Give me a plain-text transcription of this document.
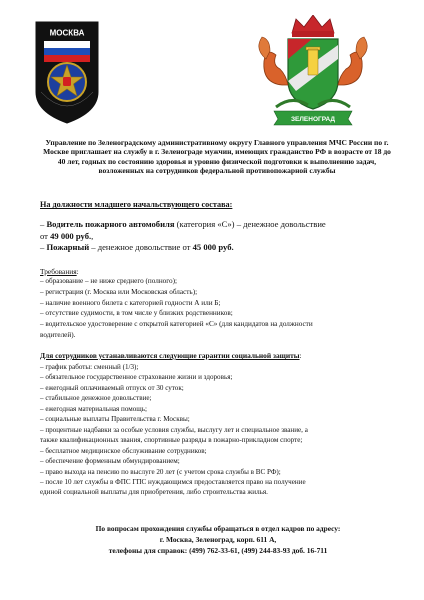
МОСКВА
ЗЕЛЕНОГРАД
Управление по Зеленоградскому административному округу Главного управления МЧС России по г. Москве приглашает на службу в г. Зеленограде мужчин, имеющих гражданство РФ в возрасте от 18 до 40 лет, годных по состоянию здоровья и уровню физической подготовки к выполнению задач, возложенных на сотрудников федеральной противопожарной службы
На должности младшего начальствующего состава:
– Водитель пожарного автомобиля (категория «С») – денежное довольствие
от 49 000 руб.,
– Пожарный – денежное довольствие от 45 000 руб.
Требования:
– образование – не ниже среднего (полного);
– регистрация (г. Москва или Московская область);
– наличие военного билета с категорией годности А или Б;
– отсутствие судимости, в том числе у близких родственников;
– водительское удостоверение с открытой категорией «С» (для кандидатов на должности
водителей).
Для сотрудников устанавливаются следующие гарантии социальной защиты:
– график работы: сменный (1/3);
– обязательное государственное страхование жизни и здоровья;
– ежегодный оплачиваемый отпуск от 30 суток;
– стабильное денежное довольствие;
– ежегодная материальная помощь;
– социальные выплаты Правительства г. Москвы;
– процентные надбавки за особые условия службы, выслугу лет и специальное звание, а
также квалификационных звания, спортивные разряды в пожарно-прикладном спорте;
– бесплатное медицинское обслуживание сотрудников;
– обеспечение форменным обмундированием;
– право выхода на пенсию по выслуге 20 лет (с учетом срока службы в ВС РФ);
– после 10 лет службы в ФПС ГПС нуждающимся предоставляется право на получение
единой социальной выплаты для приобретения, либо строительства жилья.
По вопросам прохождения службы обращаться в отдел кадров по адресу:
г. Москва, Зеленоград, корп. 611 А,
телефоны для справок: (499) 762-33-61, (499) 244-83-93 доб. 16-711
